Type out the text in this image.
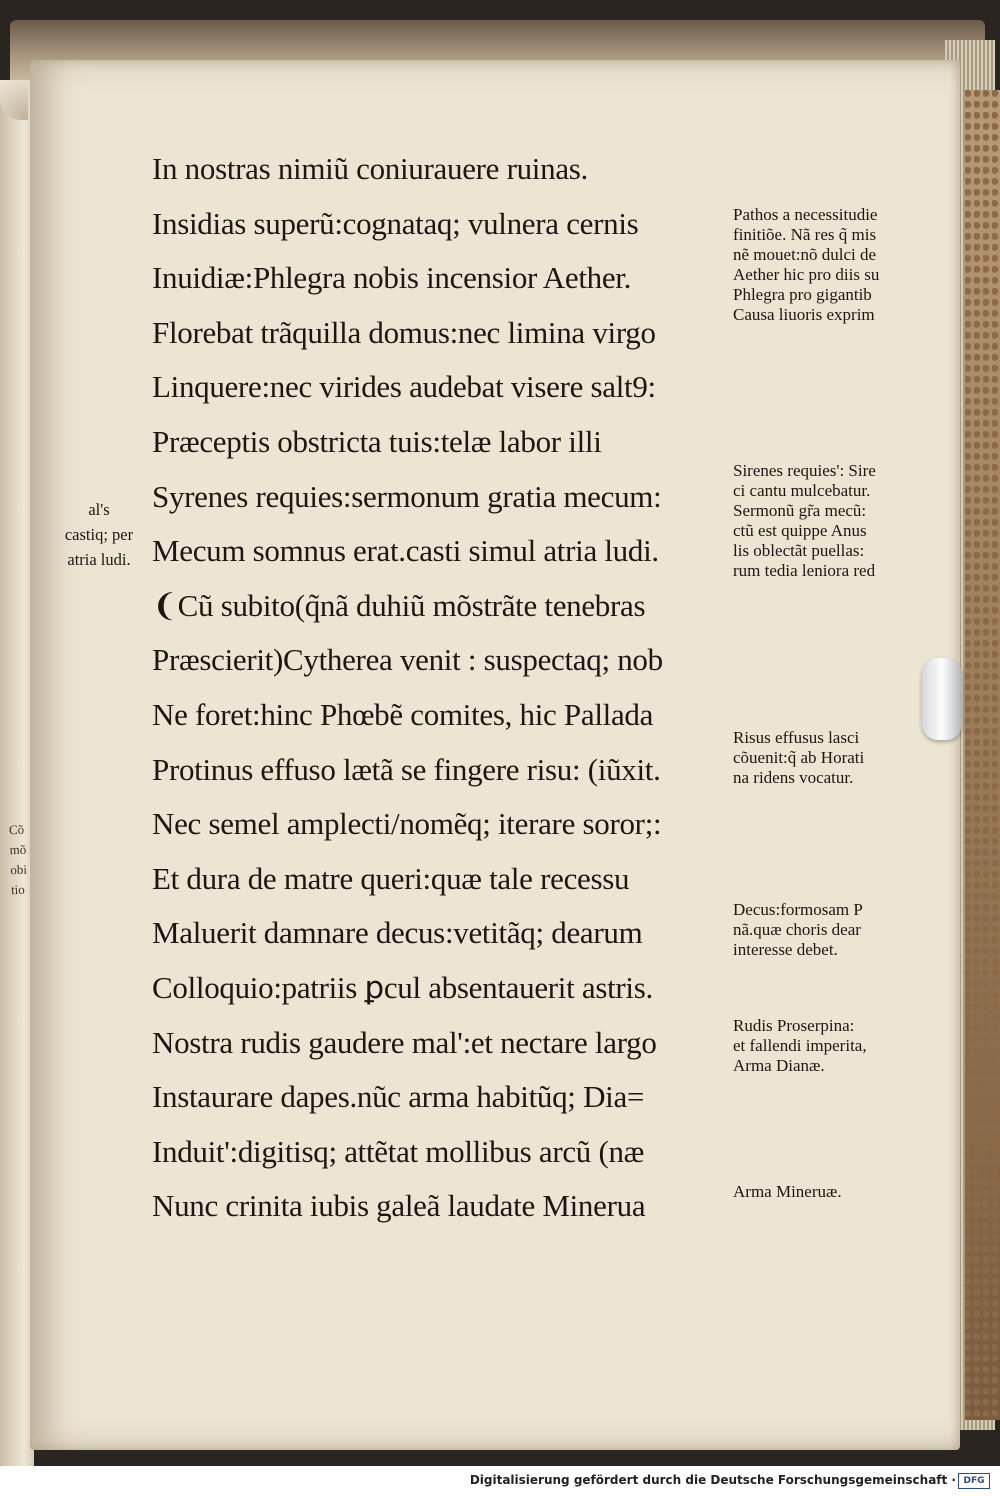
Cõ
mõ
obi
tio
al's
castiq; per
atria ludi.
In nostras nimiũ coniurauere ruinas.
Insidias superũ:cognataq; vulnera cernis
Inuidiæ:Phlegra nobis incensior Aether.
Florebat trãquilla domus:nec limina virgo
Linquere:nec virides audebat visere salt9:
Præceptis obstricta tuis:telæ labor illi
Syrenes requies:sermonum gratia mecum:
Mecum somnus erat.casti simul atria ludi.
❨Cũ subito(q̃nã duhiũ mõstrãte tenebras
Præscierit)Cytherea venit : suspectaq; nob
Ne foret:hinc Phœbẽ comites, hic Pallada
Protinus effuso lætã se fingere risu: (iũxit.
Nec semel amplecti/nomẽq; iterare soror;:
Et dura de matre queri:quæ tale recessu
Maluerit damnare decus:vetitãq; dearum
Colloquio:patriis ꝑcul absentauerit astris.
Nostra rudis gaudere mal':et nectare largo
Instaurare dapes.nũc arma habitũq; Dia=
Induit':digitisq; attẽtat mollibus arcũ (næ
Nunc crinita iubis galeã laudate Minerua
Pathos a necessitudie
finitiõe. Nã res q̃ mis
nẽ mouet:nõ dulci de
Aether hic pro diis su
Phlegra pro gigantib
Causa liuoris exprim
Sirenes requies': Sire
ci cantu mulcebatur.
Sermonũ gr̃a mecũ:
ctũ est quippe Anus
lis oblectãt puellas:
rum tedia leniora red
Risus effusus lasci
cõuenit:q̃ ab Horati
na ridens vocatur.
Decus:formosam P
nã.quæ choris dear
interesse debet.
Rudis Proserpina:
et fallendi imperita,
Arma Dianæ.
Arma Mineruæ.
Digitalisierung gefördert durch die Deutsche Forschungsgemeinschaft · DFG
